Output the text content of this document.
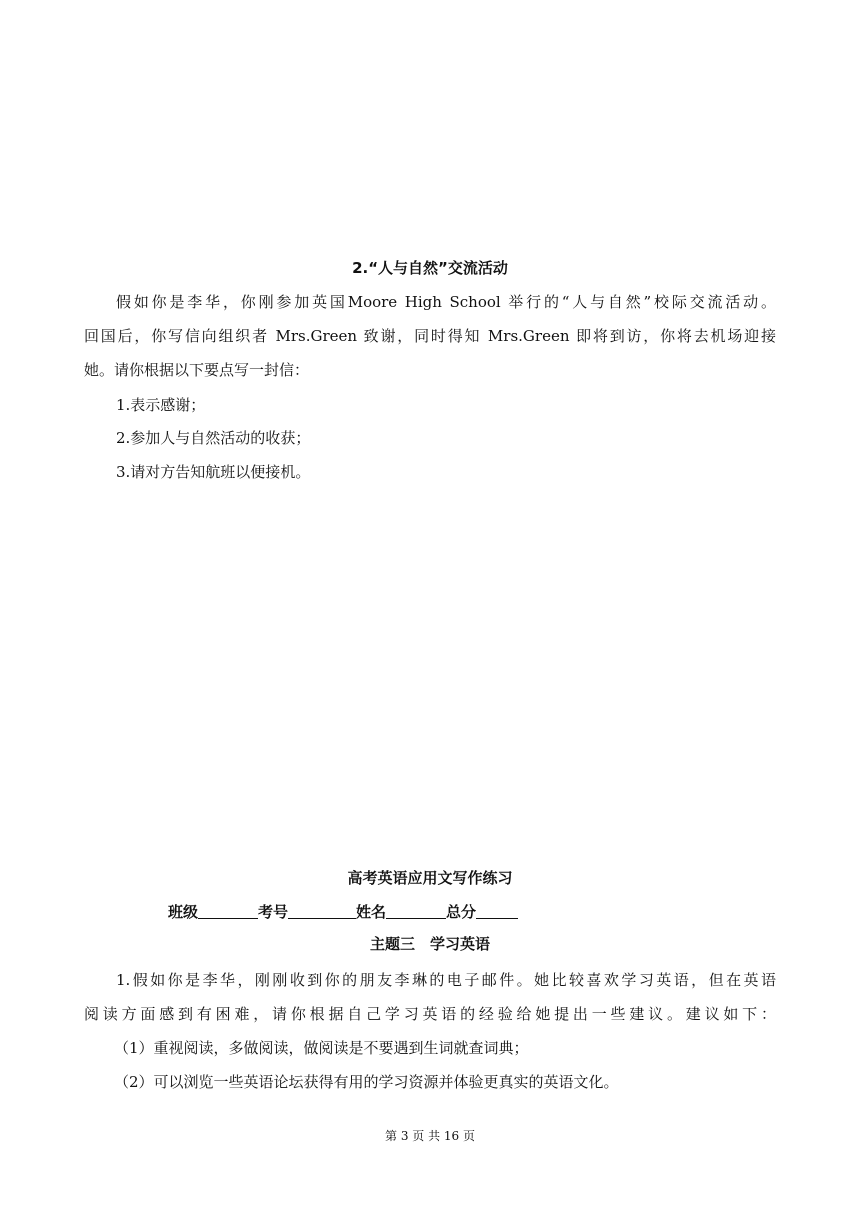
2.“人与自然”交流活动
假如你是李华，你刚参加英国Moore High School 举行的“人与自然”校际交流活动。
回国后，你写信向组织者 Mrs.Green 致谢，同时得知 Mrs.Green 即将到访，你将去机场迎接
她。请你根据以下要点写一封信：
1.表示感谢；
2.参加人与自然活动的收获；
3.请对方告知航班以便接机。
高考英语应用文写作练习
班级	考号	姓名	总分
主题三　学习英语
1.假如你是李华，刚刚收到你的朋友李琳的电子邮件。她比较喜欢学习英语，但在英语
阅读方面感到有困难，请你根据自己学习英语的经验给她提出一些建议。建议如下：
（1）重视阅读，多做阅读，做阅读是不要遇到生词就查词典；
（2）可以浏览一些英语论坛获得有用的学习资源并体验更真实的英语文化。
第 3 页 共 16 页
